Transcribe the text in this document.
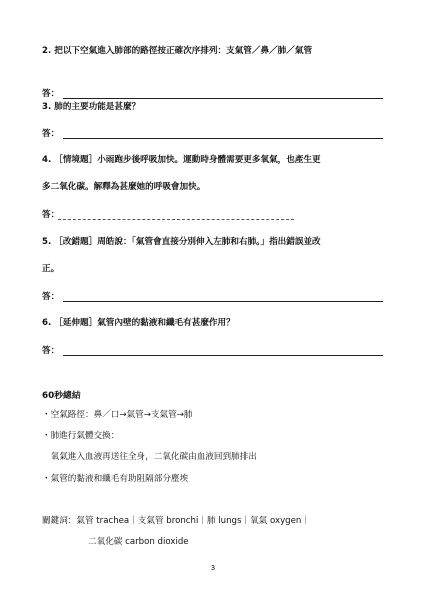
2. 把以下空氣進入肺部的路徑按正確次序排列：支氣管／鼻／肺／氣管
答：
3. 肺的主要功能是甚麼？
答：
4. ［情境題］小雨跑步後呼吸加快。運動時身體需要更多氧氣，也產生更
多二氧化碳。解釋為甚麼她的呼吸會加快。
答：
5. ［改錯題］周皓說：「氣管會直接分別伸入左肺和右肺。」指出錯誤並改
正。
答：
6. ［延伸題］氣管內壁的黏液和纖毛有甚麼作用？
答：
60秒總結
・空氣路徑：鼻／口→氣管→支氣管→肺
・肺進行氣體交換：
　氧氣進入血液再送往全身，二氧化碳由血液回到肺排出
・氣管的黏液和纖毛有助阻隔部分塵埃
關鍵詞：氣管 trachea｜支氣管 bronchi｜肺 lungs｜氧氣 oxygen｜
二氧化碳 carbon dioxide
3
